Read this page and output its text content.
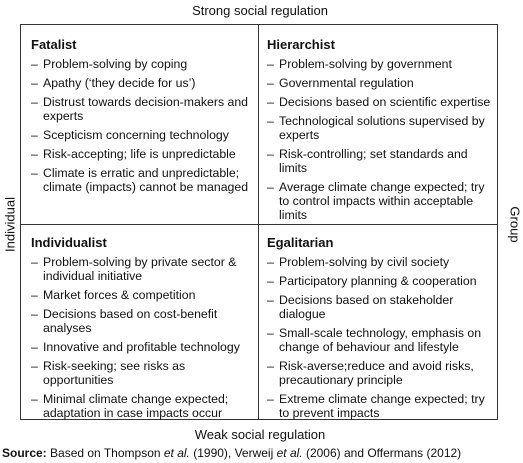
Strong social regulation
Individual	Group
Fatalist
– Problem-solving by coping
– Apathy (‘they decide for us’)
– Distrust towards decision-makers and experts
– Scepticism concerning technology
– Risk-accepting; life is unpredictable
– Climate is erratic and unpredictable; climate (impacts) cannot be managed
Hierarchist
– Problem-solving by government
– Governmental regulation
– Decisions based on scientific expertise
– Technological solutions supervised by experts
– Risk-controlling; set standards and limits
– Average climate change expected; try to control impacts within acceptable limits
Individualist
– Problem-solving by private sector & individual initiative
– Market forces & competition
– Decisions based on cost-benefit analyses
– Innovative and profitable technology
– Risk-seeking; see risks as opportunities
– Minimal climate change expected; adaptation in case impacts occur
Egalitarian
– Problem-solving by civil society
– Participatory planning & cooperation
– Decisions based on stakeholder dialogue
– Small-scale technology, emphasis on change of behaviour and lifestyle
– Risk-averse;reduce and avoid risks, precautionary principle
– Extreme climate change expected; try to prevent impacts
Weak social regulation
Source: Based on Thompson et al. (1990), Verweij et al. (2006) and Offermans (2012)
